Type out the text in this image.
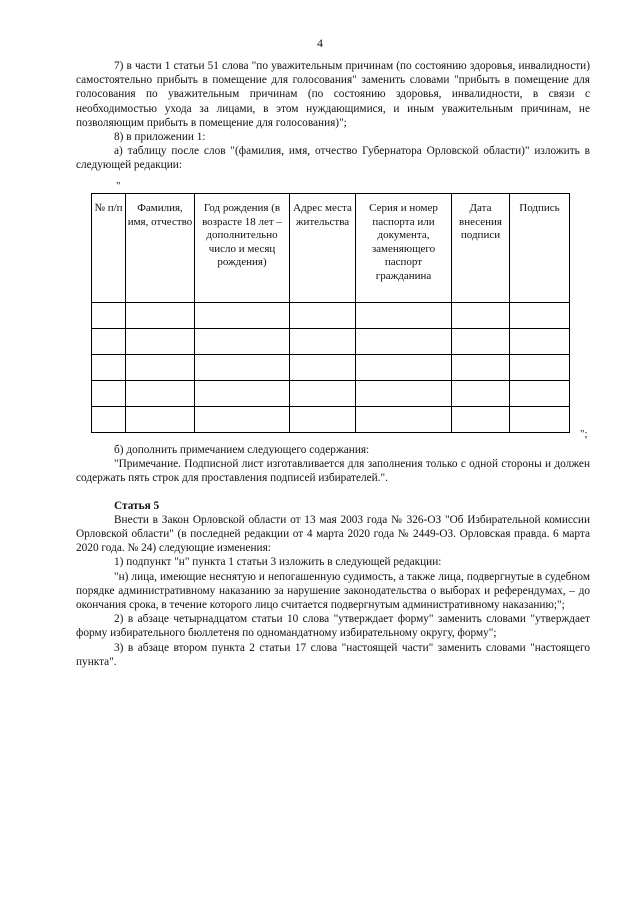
4

7) в части 1 статьи 51 слова "по уважительным причинам (по состоянию здоровья, инвалидности) самостоятельно прибыть в помещение для голосования" заменить словами "прибыть в помещение для голосования по уважительным причинам (по состоянию здоровья, инвалидности, в связи с необходимостью ухода за лицами, в этом нуждающимися, и иным уважительным причинам, не позволяющим прибыть в помещение для голосования)";

8) в приложении 1:

а) таблицу после слов "(фамилия, имя, отчество Губернатора Орловской области)" изложить в следующей редакции:

"
№ п/п	Фамилия, имя, отчество	Год рождения (в возрасте 18 лет – дополнительно число и месяц рождения)	Адрес места жительства	Серия и номер паспорта или документа, заменяющего паспорт гражданина	Дата внесения подписи	Подпись

";

б) дополнить примечанием следующего содержания:

"Примечание. Подписной лист изготавливается для заполнения только с одной стороны и должен содержать пять строк для проставления подписей избирателей.".

Статья 5

Внести в Закон Орловской области от 13 мая 2003 года № 326-ОЗ "Об Избирательной комиссии Орловской области" (в последней редакции от 4 марта 2020 года № 2449-ОЗ. Орловская правда. 6 марта 2020 года. № 24) следующие изменения:

1) подпункт "н" пункта 1 статьи 3 изложить в следующей редакции:

"н) лица, имеющие неснятую и непогашенную судимость, а также лица, подвергнутые в судебном порядке административному наказанию за нарушение законодательства о выборах и референдумах, – до окончания срока, в течение которого лицо считается подвергнутым административному наказанию;";

2) в абзаце четырнадцатом статьи 10 слова "утверждает форму" заменить словами "утверждает форму избирательного бюллетеня по одномандатному избирательному округу, форму";

3) в абзаце втором пункта 2 статьи 17 слова "настоящей части" заменить словами "настоящего пункта".
